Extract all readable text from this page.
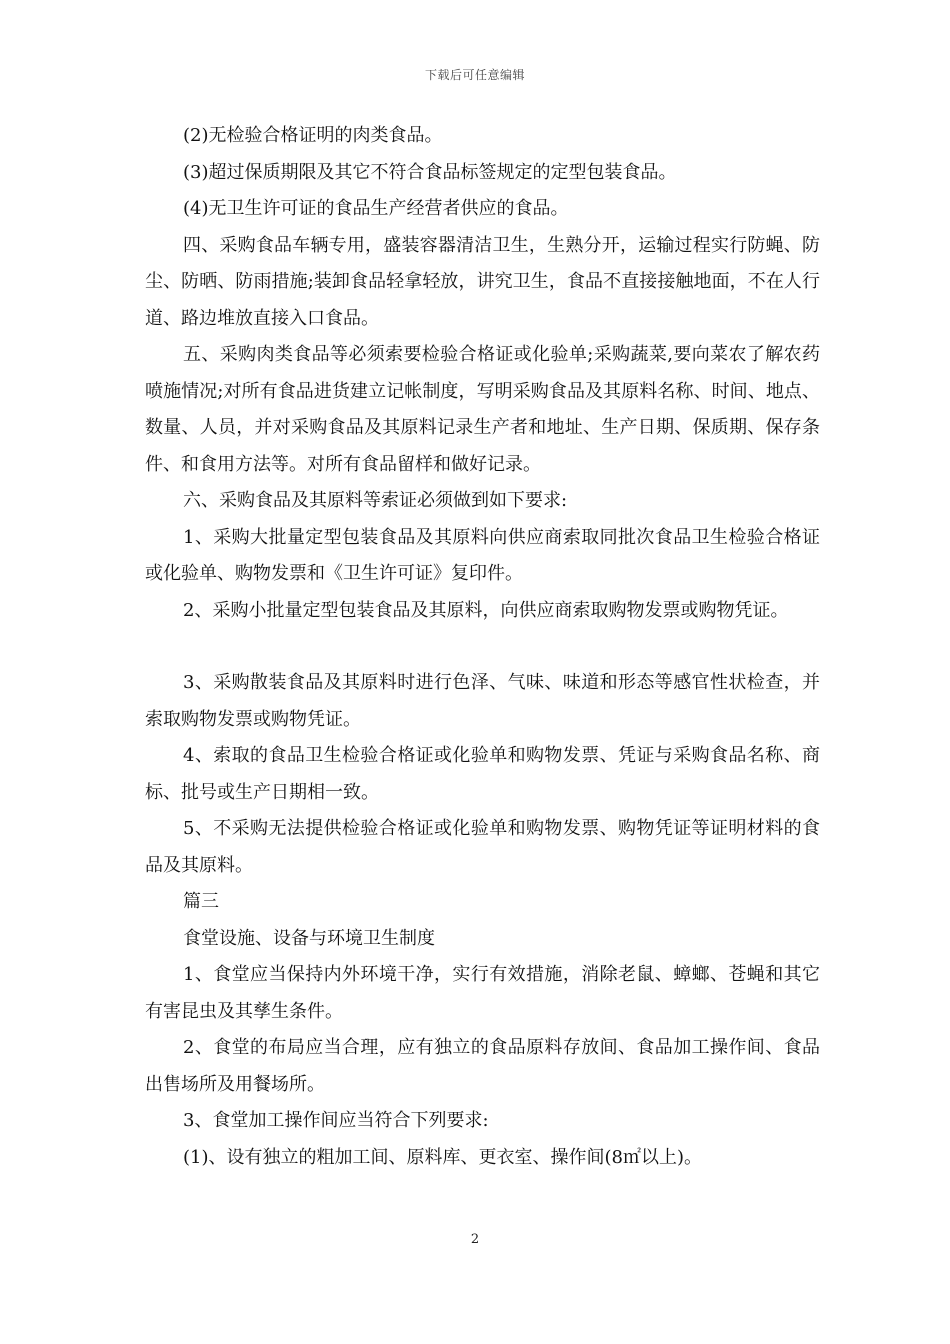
下载后可任意编辑

(2)无检验合格证明的肉类食品。

(3)超过保质期限及其它不符合食品标签规定的定型包装食品。

(4)无卫生许可证的食品生产经营者供应的食品。

四、采购食品车辆专用，盛装容器清洁卫生，生熟分开，运输过程实行防蝇、防尘、防晒、防雨措施;装卸食品轻拿轻放，讲究卫生，食品不直接接触地面，不在人行道、路边堆放直接入口食品。

五、采购肉类食品等必须索要检验合格证或化验单;采购蔬菜,要向菜农了解农药喷施情况;对所有食品进货建立记帐制度，写明采购食品及其原料名称、时间、地点、数量、人员，并对采购食品及其原料记录生产者和地址、生产日期、保质期、保存条件、和食用方法等。对所有食品留样和做好记录。

六、采购食品及其原料等索证必须做到如下要求:

1、采购大批量定型包装食品及其原料向供应商索取同批次食品卫生检验合格证或化验单、购物发票和《卫生许可证》复印件。

2、采购小批量定型包装食品及其原料，向供应商索取购物发票或购物凭证。

3、采购散装食品及其原料时进行色泽、气味、味道和形态等感官性状检查，并索取购物发票或购物凭证。

4、索取的食品卫生检验合格证或化验单和购物发票、凭证与采购食品名称、商标、批号或生产日期相一致。

5、不采购无法提供检验合格证或化验单和购物发票、购物凭证等证明材料的食品及其原料。

篇三

食堂设施、设备与环境卫生制度

1、食堂应当保持内外环境干净，实行有效措施，消除老鼠、蟑螂、苍蝇和其它有害昆虫及其孳生条件。

2、食堂的布局应当合理，应有独立的食品原料存放间、食品加工操作间、食品出售场所及用餐场所。

3、食堂加工操作间应当符合下列要求:

(1)、设有独立的粗加工间、原料库、更衣室、操作间(8㎡以上)。

2
